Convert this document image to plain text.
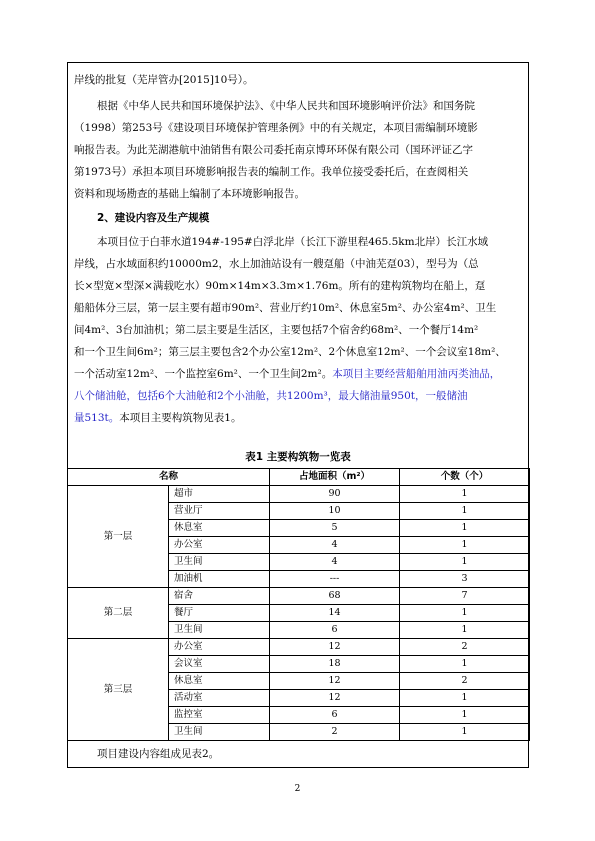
岸线的批复（芜岸管办[2015]10号）。
根据《中华人民共和国环境保护法》、《中华人民共和国环境影响评价法》和国务院
（1998）第253号《建设项目环境保护管理条例》中的有关规定，本项目需编制环境影
响报告表。为此芜湖港航中油销售有限公司委托南京博环环保有限公司（国环评证乙字
第1973号）承担本项目环境影响报告表的编制工作。我单位接受委托后，在查阅相关
资料和现场勘查的基础上编制了本环境影响报告。
2、建设内容及生产规模
本项目位于白菲水道194#-195#白浮北岸（长江下游里程465.5km北岸）长江水域
岸线，占水域面积约10000m2，水上加油站设有一艘趸船（中油芜趸03），型号为（总
长×型宽×型深×满载吃水）90m×14m×3.3m×1.76m。所有的建构筑物均在船上，趸
船船体分三层，第一层主要有超市90m²、营业厅约10m²、休息室5m²、办公室4m²、卫生
间4m²、3台加油机；第二层主要是生活区，主要包括7个宿舍约68m²、一个餐厅14m²
和一个卫生间6m²；第三层主要包含2个办公室12m²、2个休息室12m²、一个会议室18m²、
一个活动室12m²、一个监控室6m²、一个卫生间2m²。本项目主要经营船舶用油丙类油品，
八个储油舱，包括6个大油舱和2个小油舱，共1200m³，最大储油量950t，一般储油
量513t。本项目主要构筑物见表1。
表1 主要构筑物一览表
名称		占地面积（m²）	个数（个）
第一层	超市	90	1
	营业厅	10	1
	休息室	5	1
	办公室	4	1
	卫生间	4	1
	加油机	---	3
第二层	宿舍	68	7
	餐厅	14	1
	卫生间	6	1
第三层	办公室	12	2
	会议室	18	1
	休息室	12	2
	活动室	12	1
	监控室	6	1
	卫生间	2	1
项目建设内容组成见表2。
2
